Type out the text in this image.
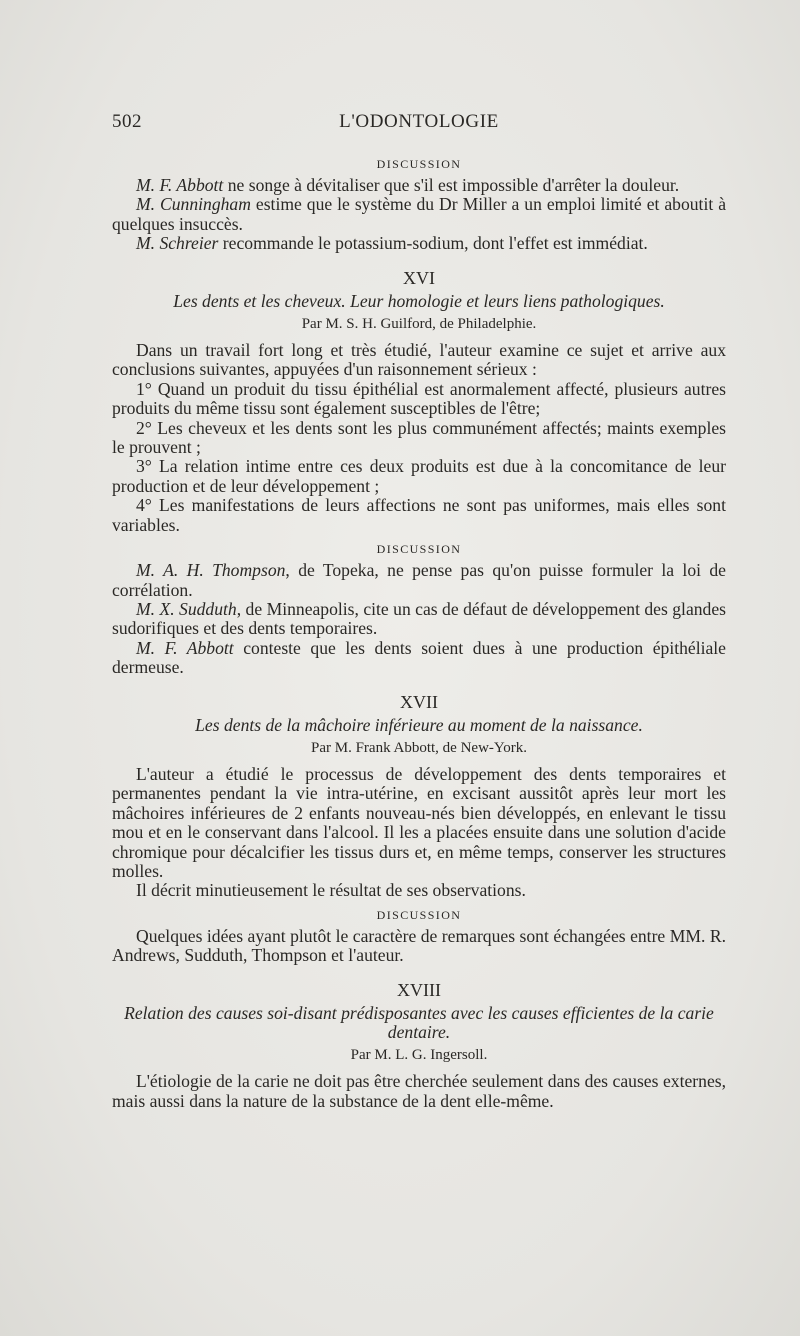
502	L'ODONTOLOGIE
DISCUSSION

M. F. Abbott ne songe à dévitaliser que s'il est impossible d'arrêter la douleur.

M. Cunningham estime que le système du Dr Miller a un emploi limité et aboutit à quelques insuccès.

M. Schreier recommande le potassium-sodium, dont l'effet est immédiat.

XVI
Les dents et les cheveux. Leur homologie et leurs liens pathologiques.
Par M. S. H. Guilford, de Philadelphie.

Dans un travail fort long et très étudié, l'auteur examine ce sujet et arrive aux conclusions suivantes, appuyées d'un raisonnement sérieux :

1° Quand un produit du tissu épithélial est anormalement affecté, plusieurs autres produits du même tissu sont également susceptibles de l'être;

2° Les cheveux et les dents sont les plus communément affectés; maints exemples le prouvent ;

3° La relation intime entre ces deux produits est due à la concomitance de leur production et de leur développement ;

4° Les manifestations de leurs affections ne sont pas uniformes, mais elles sont variables.

DISCUSSION

M. A. H. Thompson, de Topeka, ne pense pas qu'on puisse formuler la loi de corrélation.

M. X. Sudduth, de Minneapolis, cite un cas de défaut de développement des glandes sudorifiques et des dents temporaires.

M. F. Abbott conteste que les dents soient dues à une production épithéliale dermeuse.

XVII
Les dents de la mâchoire inférieure au moment de la naissance.
Par M. Frank Abbott, de New-York.

L'auteur a étudié le processus de développement des dents temporaires et permanentes pendant la vie intra-utérine, en excisant aussitôt après leur mort les mâchoires inférieures de 2 enfants nouveau-nés bien développés, en enlevant le tissu mou et en le conservant dans l'alcool. Il les a placées ensuite dans une solution d'acide chromique pour décalcifier les tissus durs et, en même temps, conserver les structures molles.

Il décrit minutieusement le résultat de ses observations.

DISCUSSION

Quelques idées ayant plutôt le caractère de remarques sont échangées entre MM. R. Andrews, Sudduth, Thompson et l'auteur.

XVIII
Relation des causes soi-disant prédisposantes avec les causes efficientes de la carie dentaire.
Par M. L. G. Ingersoll.

L'étiologie de la carie ne doit pas être cherchée seulement dans des causes externes, mais aussi dans la nature de la substance de la dent elle-même.
